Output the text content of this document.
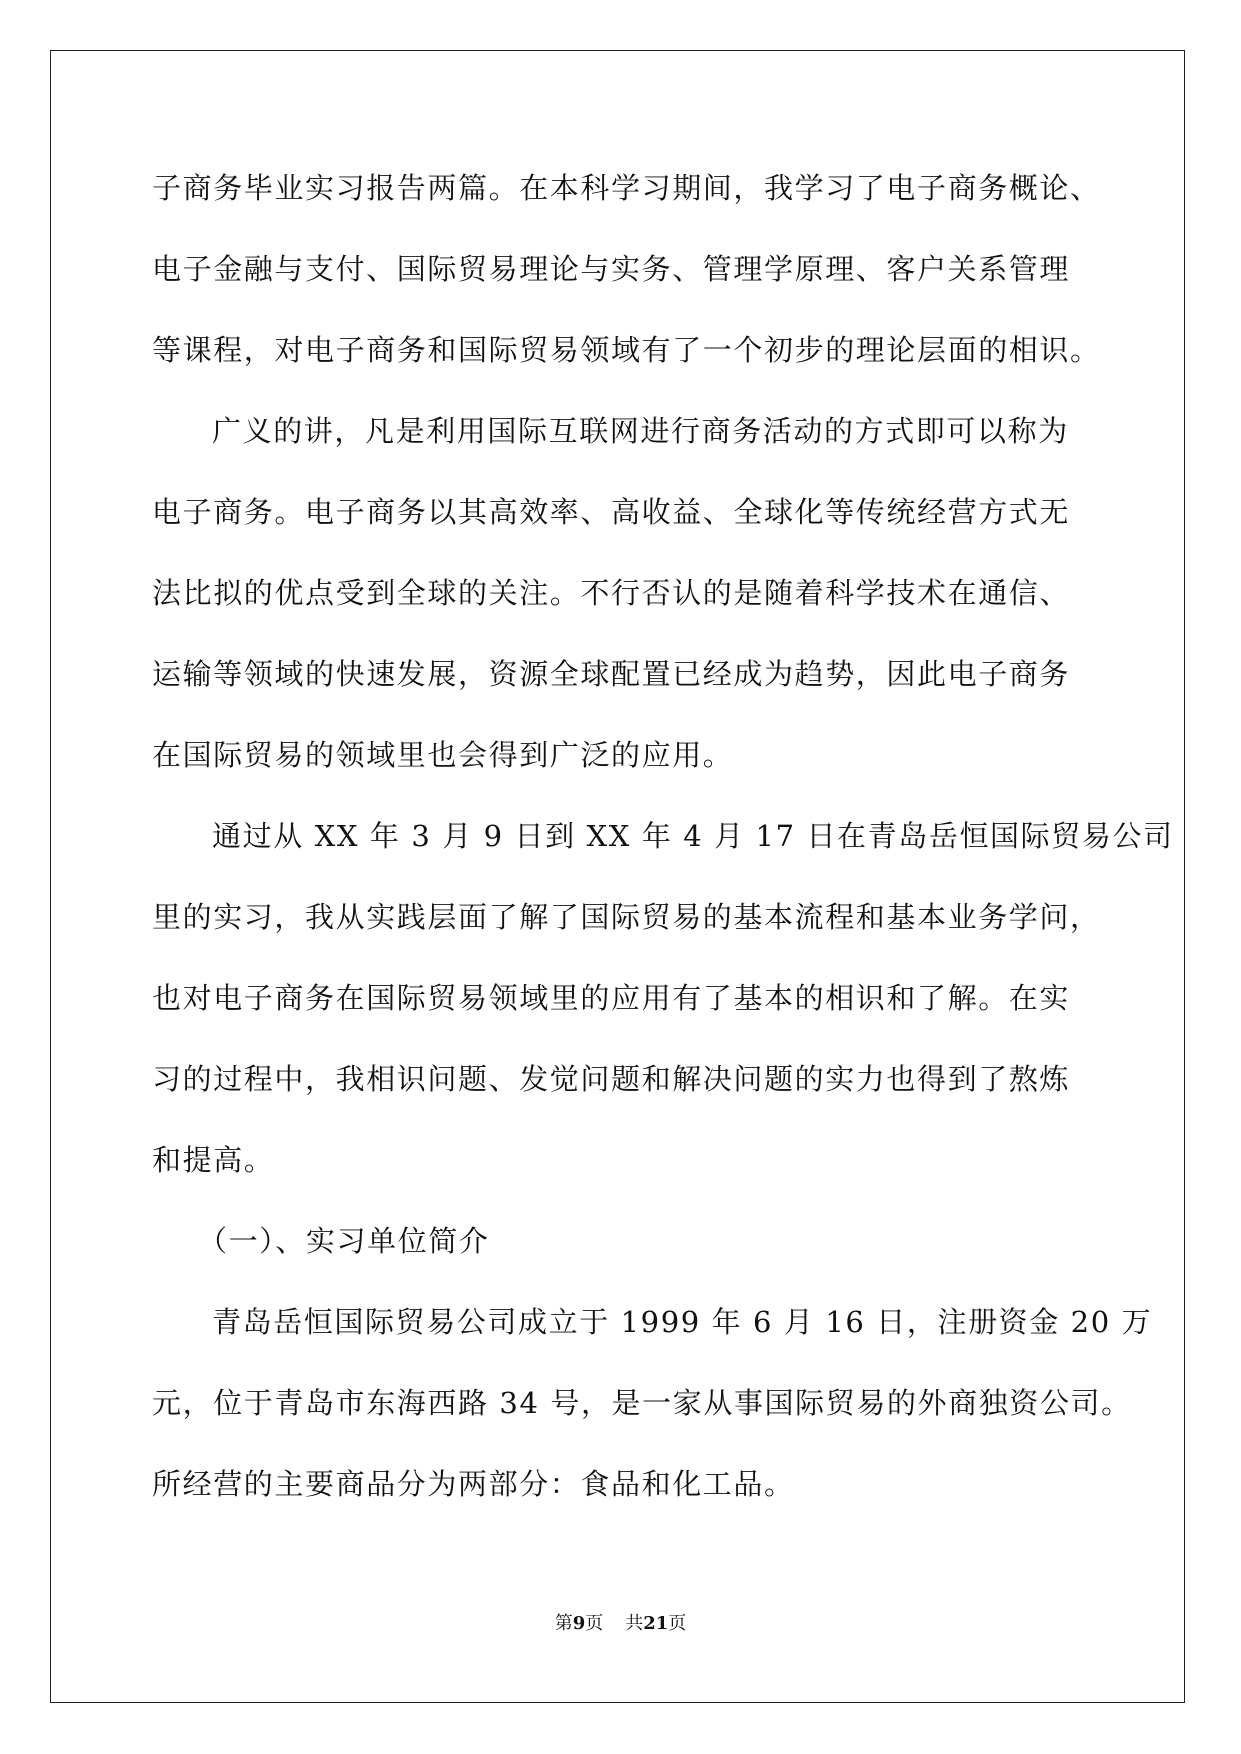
子商务毕业实习报告两篇。在本科学习期间，我学习了电子商务概论、
电子金融与支付、国际贸易理论与实务、管理学原理、客户关系管理
等课程，对电子商务和国际贸易领域有了一个初步的理论层面的相识。
广义的讲，凡是利用国际互联网进行商务活动的方式即可以称为
电子商务。电子商务以其高效率、高收益、全球化等传统经营方式无
法比拟的优点受到全球的关注。不行否认的是随着科学技术在通信、
运输等领域的快速发展，资源全球配置已经成为趋势，因此电子商务
在国际贸易的领域里也会得到广泛的应用。
通过从 XX 年 3 月 9 日到 XX 年 4 月 17 日在青岛岳恒国际贸易公司
里的实习，我从实践层面了解了国际贸易的基本流程和基本业务学问，
也对电子商务在国际贸易领域里的应用有了基本的相识和了解。在实
习的过程中，我相识问题、发觉问题和解决问题的实力也得到了熬炼
和提高。
（一）、实习单位简介
青岛岳恒国际贸易公司成立于 1999 年 6 月 16 日，注册资金 20 万
元，位于青岛市东海西路 34 号，是一家从事国际贸易的外商独资公司。
所经营的主要商品分为两部分：食品和化工品。
第9页 共21页
